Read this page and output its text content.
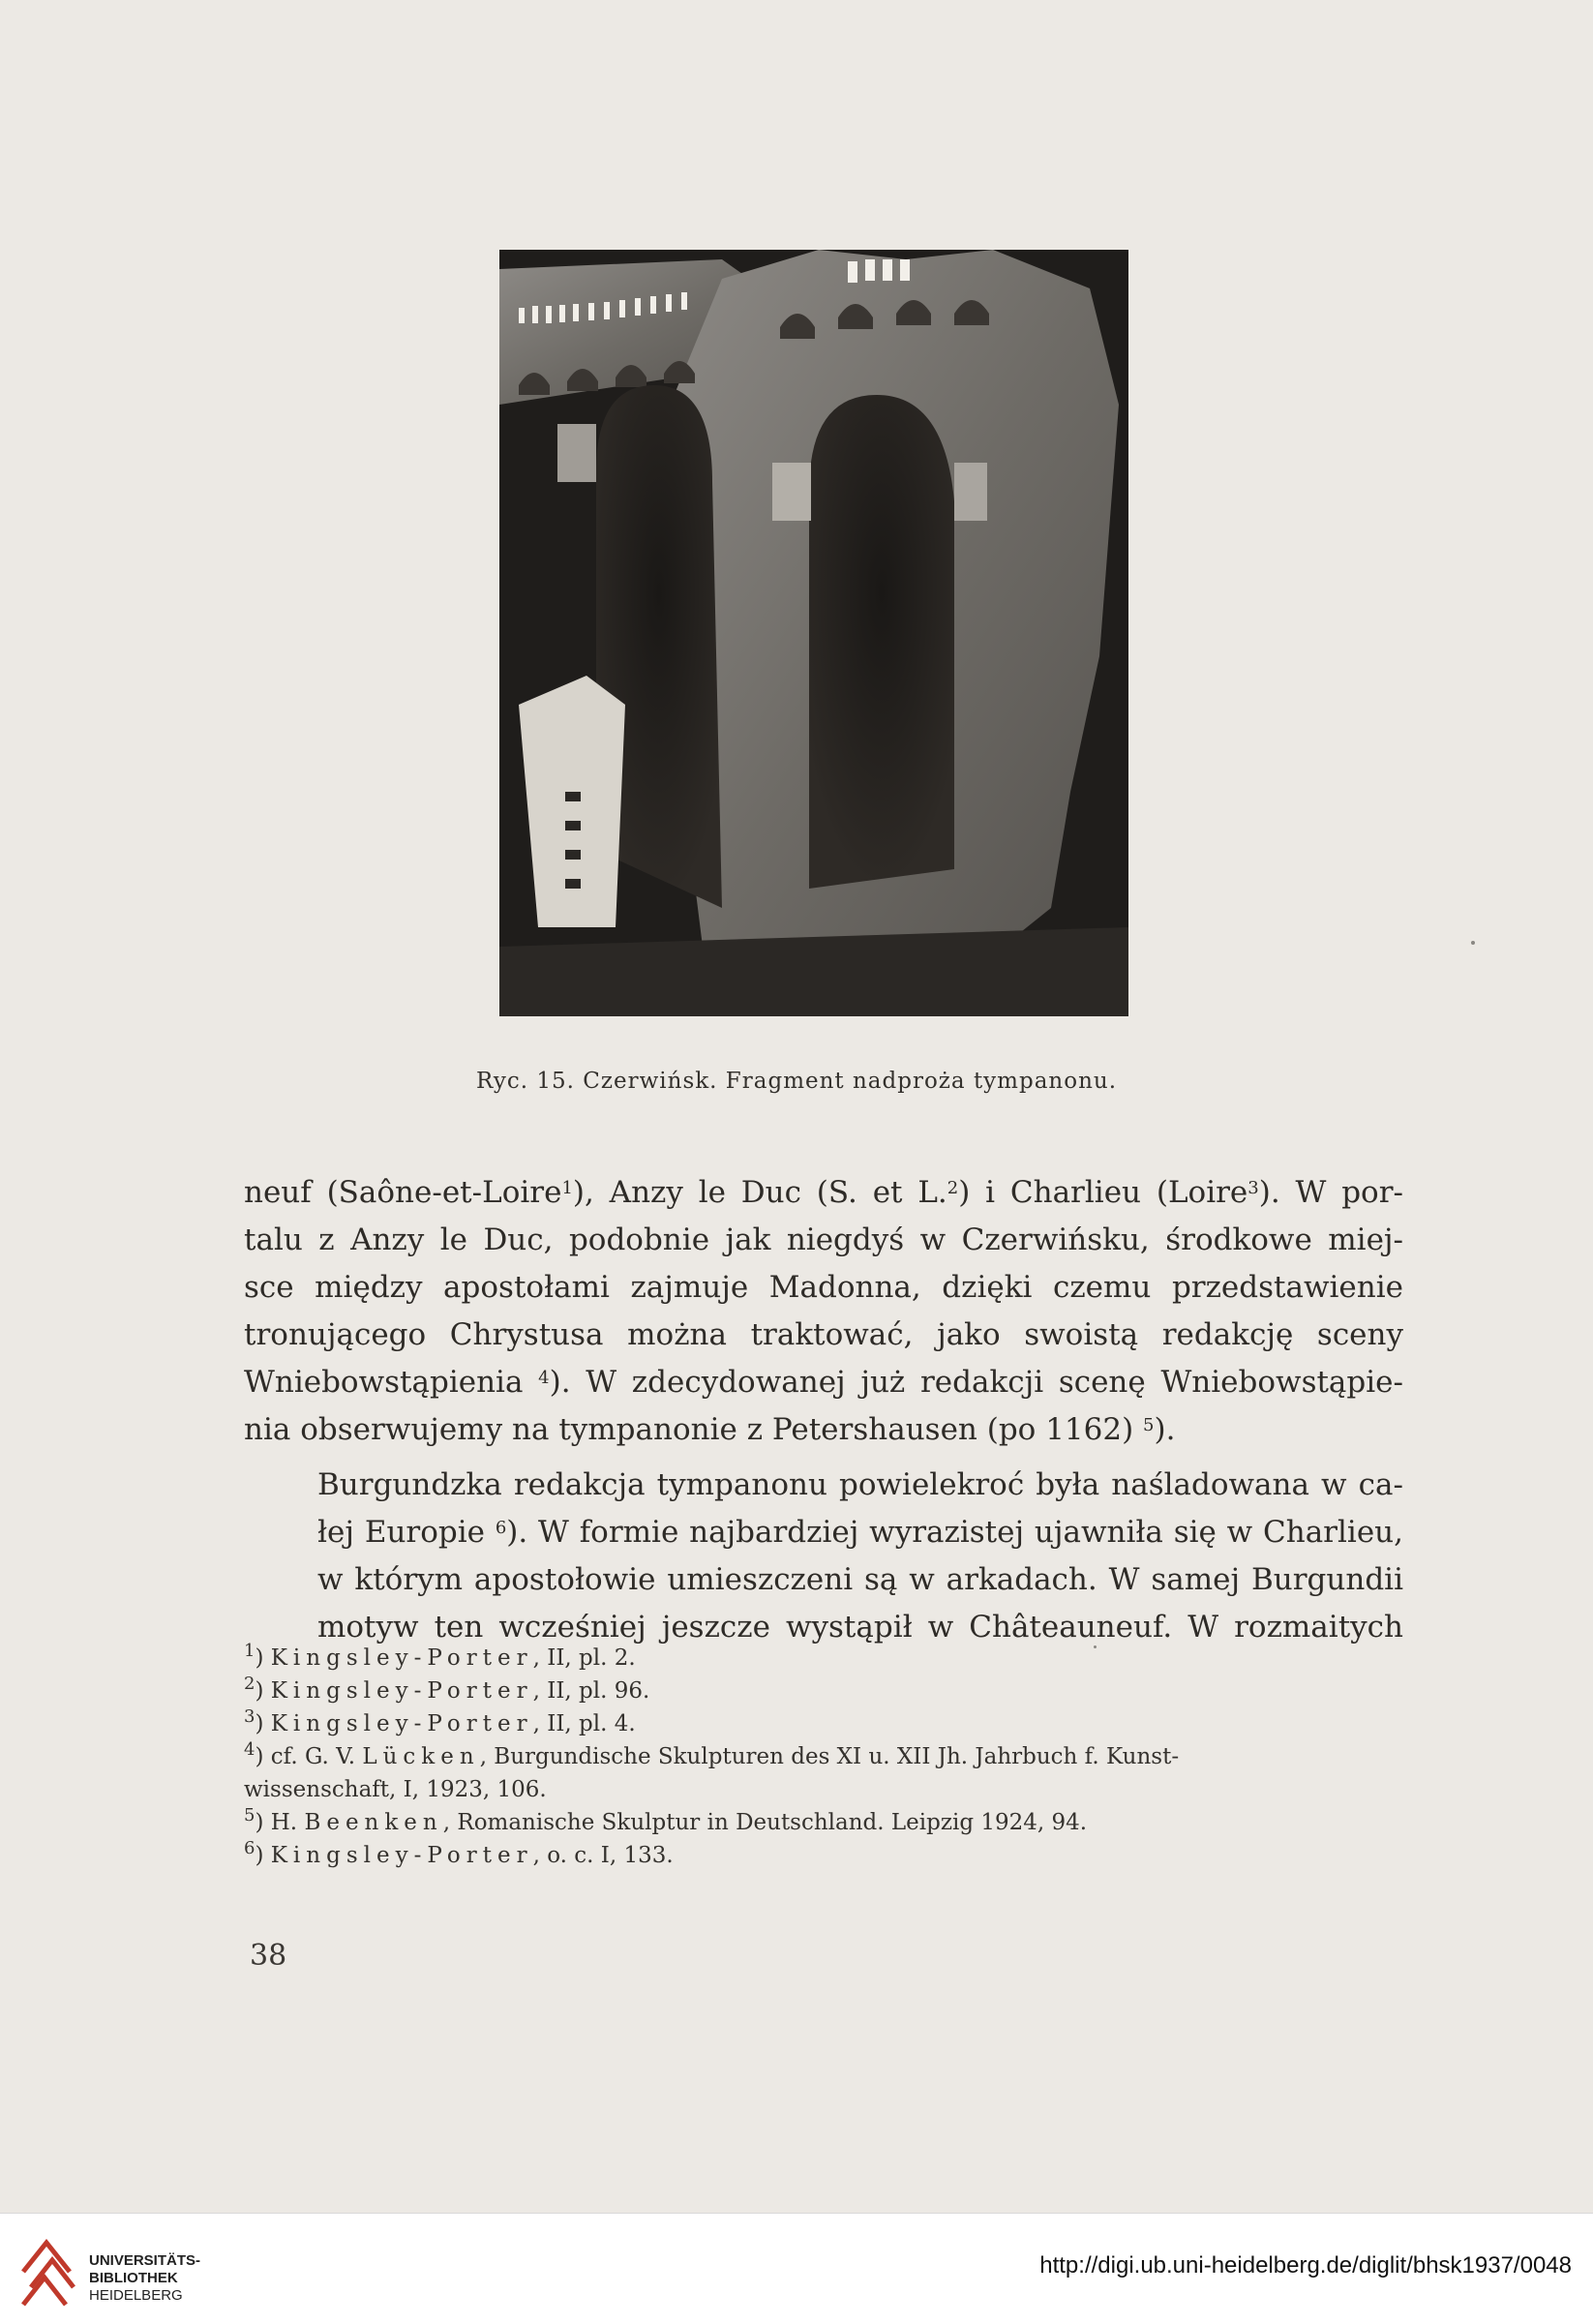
Ryc. 15. Czerwińsk. Fragment nadproża tympanonu.

neuf (Saône-et-Loire$^1$), Anzy le Duc (S. et L.$^2$) i Charlieu (Loire$^3$). W por-
talu z Anzy le Duc, podobnie jak niegdyś w Czerwińsku, środkowe miej-
sce między apostołami zajmuje Madonna, dzięki czemu przedstawienie
tronującego Chrystusa można traktować, jako swoistą redakcję sceny
Wniebowstąpienia $^4$). W zdecydowanej już redakcji scenę Wniebowstąpie-
nia obserwujemy na tympanonie z Petershausen (po 1162) $^5$).

Burgundzka redakcja tympanonu powielekroć była naśladowana w ca-
łej Europie $^6$). W formie najbardziej wyrazistej ujawniła się w Charlieu,
w którym apostołowie umieszczeni są w arkadach. W samej Burgundii
motyw ten wcześniej jeszcze wystąpił w Châteauneuf. W rozmaitych

$^1$) Kingsley-Porter, II, pl. 2.
$^2$) Kingsley-Porter, II, pl. 96.
$^3$) Kingsley-Porter, II, pl. 4.
$^4$) cf. G. V. Lücken, Burgundische Skulpturen des XI u. XII Jh. Jahrbuch f. Kunst-
wissenschaft, I, 1923, 106.
$^5$) H. Beenken, Romanische Skulptur in Deutschland. Leipzig 1924, 94.
$^6$) Kingsley-Porter, o. c. I, 133.
38
UNIVERSITÄTS-
BIBLIOTHEK
HEIDELBERG
http://digi.ub.uni-heidelberg.de/diglit/bhsk1937/0048
